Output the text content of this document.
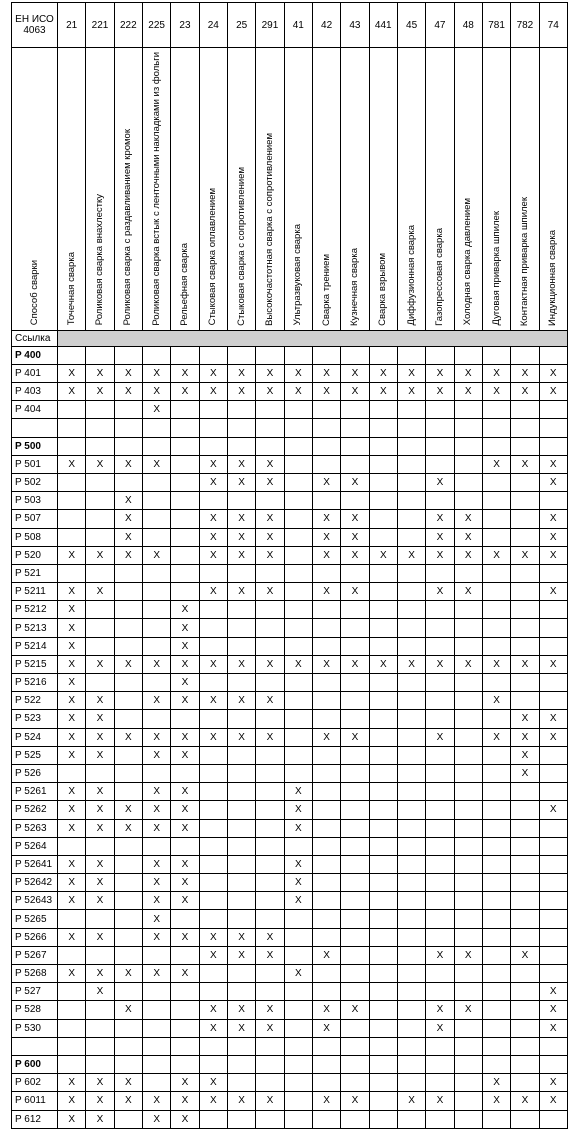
ЕН ИСО 4063	21	221	222	225	23	24	25	291	41	42	43	441	45	47	48	781	782	74

Способ сварки	Точечная сварка	Роликовая сварка внахлестку	Роликовая сварка с раздавливанием кромок	Роликовая сварка встык с ленточными накладками из фольги	Рельефная сварка	Стыковая сварка оплавлением	Стыковая сварка с сопротивлением	Высокочастотная сварка с сопротивлением	Ультразвуковая сварка	Сварка трением	Кузнечная сварка	Сварка взрывом	Диффузионная сварка	Газопрессовая сварка	Холодная сварка давлением	Дуговая приварка шпилек	Контактная приварка шпилек	Индукционная сварка

Ссылка																		
P 400																		
P 401	X	X	X	X	X	X	X	X	X	X	X	X	X	X	X	X	X	X
P 403	X	X	X	X	X	X	X	X	X	X	X	X	X	X	X	X	X	X
P 404				X														

P 500																		
P 501	X	X	X	X		X	X	X								X	X	X
P 502						X	X	X		X	X			X				X
P 503			X															
P 507			X			X	X	X		X	X			X	X			X
P 508			X			X	X	X		X	X			X	X			X
P 520	X	X	X	X		X	X	X		X	X	X	X	X	X	X	X	X
P 521																		
P 5211	X	X				X	X	X		X	X			X	X			X
P 5212	X				X													
P 5213	X				X													
P 5214	X				X													
P 5215	X	X	X	X	X	X	X	X	X	X	X	X	X	X	X	X	X	X
P 5216	X				X													
P 522	X	X		X	X	X	X	X								X		
P 523	X	X															X	X
P 524	X	X	X	X	X	X	X	X		X	X			X		X	X	X
P 525	X	X		X	X												X	
P 526																	X	
P 5261	X	X		X	X				X									
P 5262	X	X	X	X	X				X									X
P 5263	X	X	X	X	X				X									
P 5264																		
P 52641	X	X		X	X				X									
P 52642	X	X		X	X				X									
P 52643	X	X		X	X				X									
P 5265				X														
P 5266	X	X		X	X	X	X	X										
P 5267						X	X	X		X				X	X		X	
P 5268	X	X	X	X	X				X									
P 527		X																X
P 528			X			X	X	X		X	X			X	X			X
P 530						X	X	X		X				X				X

P 600																		
P 602	X	X	X		X	X										X		X
P 6011	X	X	X	X	X	X	X	X		X	X		X	X		X	X	X
P 612	X	X		X	X													
